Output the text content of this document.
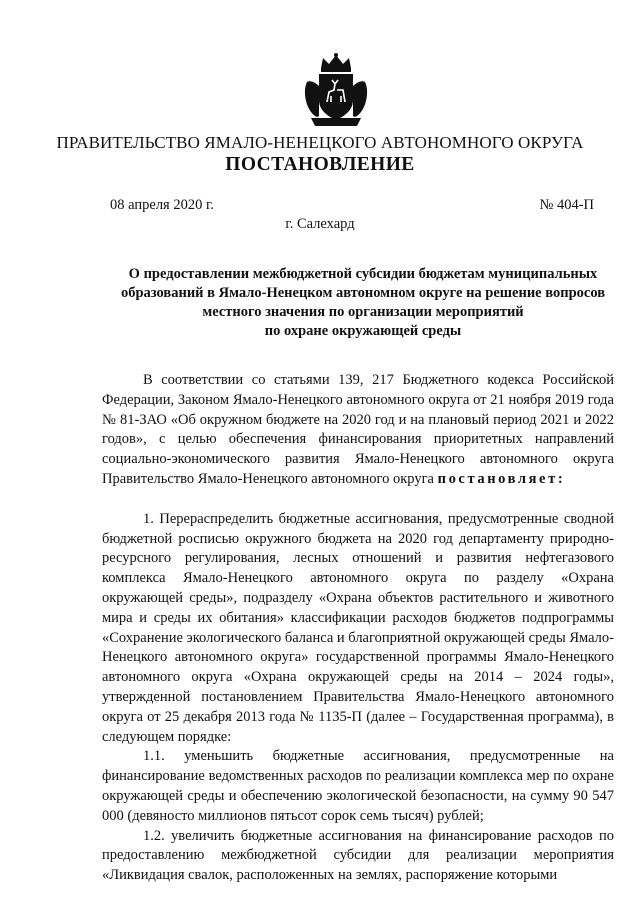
ПРАВИТЕЛЬСТВО ЯМАЛО-НЕНЕЦКОГО АВТОНОМНОГО ОКРУГА
ПОСТАНОВЛЕНИЕ
08 апреля 2020 г.	№ 404-П
г. Салехард
О предоставлении межбюджетной субсидии бюджетам муниципальных
образований в Ямало-Ненецком автономном округе на решение вопросов
местного значения по организации мероприятий
по охране окружающей среды

В соответствии со статьями 139, 217 Бюджетного кодекса Российской Федерации, Законом Ямало-Ненецкого автономного округа от 21 ноября 2019 года № 81-ЗАО «Об окружном бюджете на 2020 год и на плановый период 2021 и 2022 годов», с целью обеспечения финансирования приоритетных направлений социально-экономического развития Ямало-Ненецкого автономного округа Правительство Ямало-Ненецкого автономного округа постановляет:

1. Перераспределить бюджетные ассигнования, предусмотренные сводной бюджетной росписью окружного бюджета на 2020 год департаменту природно-ресурсного регулирования, лесных отношений и развития нефтегазового комплекса Ямало-Ненецкого автономного округа по разделу «Охрана окружающей среды», подразделу «Охрана объектов растительного и животного мира и среды их обитания» классификации расходов бюджетов подпрограммы «Сохранение экологического баланса и благоприятной окружающей среды Ямало-Ненецкого автономного округа» государственной программы Ямало-Ненецкого автономного округа «Охрана окружающей среды на 2014 – 2024 годы», утвержденной постановлением Правительства Ямало-Ненецкого автономного округа от 25 декабря 2013 года № 1135-П (далее – Государственная программа), в следующем порядке:

1.1. уменьшить бюджетные ассигнования, предусмотренные на финансирование ведомственных расходов по реализации комплекса мер по охране окружающей среды и обеспечению экологической безопасности, на сумму 90 547 000 (девяносто миллионов пятьсот сорок семь тысяч) рублей;

1.2. увеличить бюджетные ассигнования на финансирование расходов по предоставлению межбюджетной субсидии для реализации мероприятия «Ликвидация свалок, расположенных на землях, распоряжение которыми
